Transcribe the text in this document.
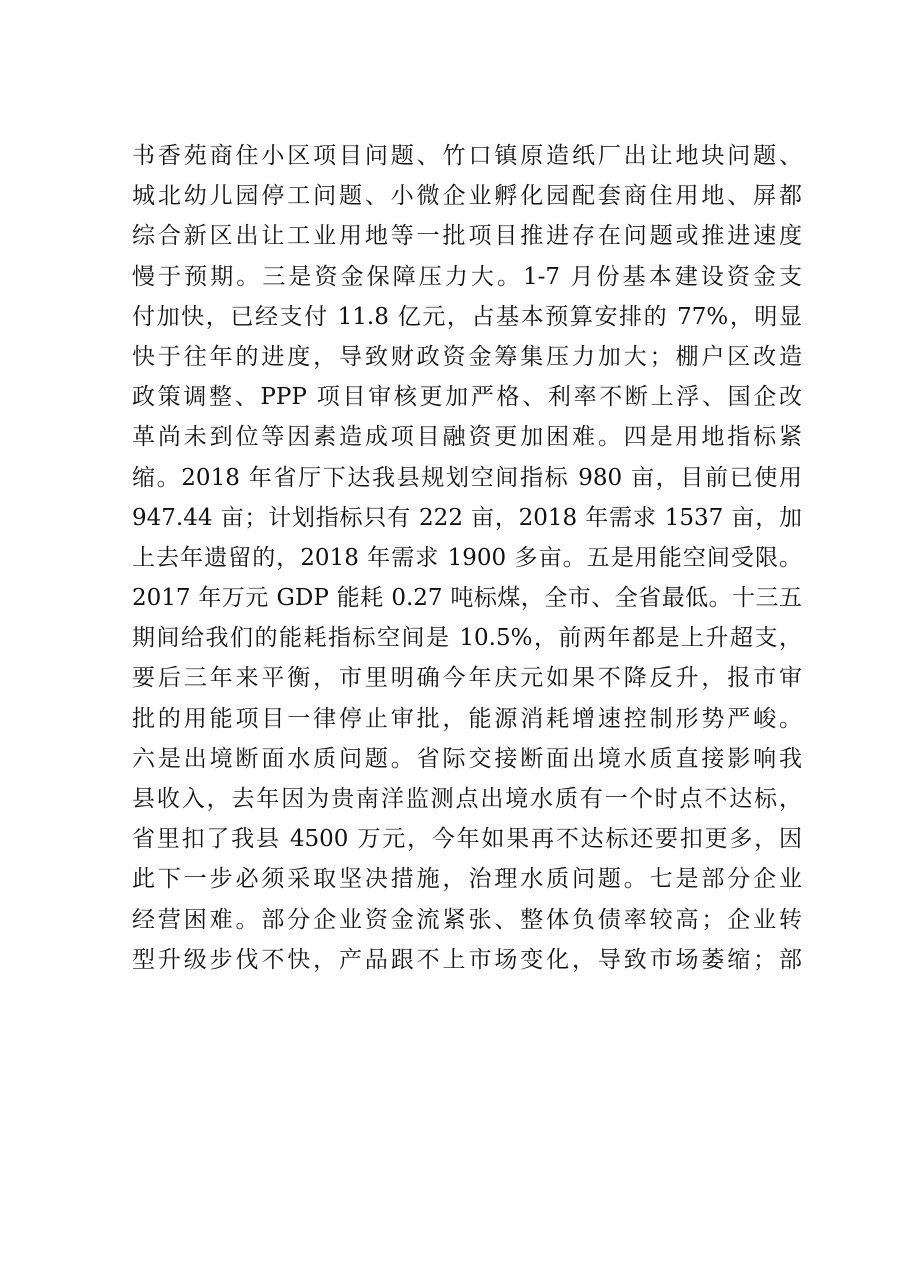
书香苑商住小区项目问题、竹口镇原造纸厂出让地块问题、
城北幼儿园停工问题、小微企业孵化园配套商住用地、屏都
综合新区出让工业用地等一批项目推进存在问题或推进速度
慢于预期。三是资金保障压力大。1-7 月份基本建设资金支
付加快，已经支付 11.8 亿元，占基本预算安排的 77%，明显
快于往年的进度，导致财政资金筹集压力加大；棚户区改造
政策调整、PPP 项目审核更加严格、利率不断上浮、国企改
革尚未到位等因素造成项目融资更加困难。四是用地指标紧
缩。2018 年省厅下达我县规划空间指标 980 亩，目前已使用
947.44 亩；计划指标只有 222 亩，2018 年需求 1537 亩，加
上去年遗留的，2018 年需求 1900 多亩。五是用能空间受限。
2017 年万元 GDP 能耗 0.27 吨标煤，全市、全省最低。十三五
期间给我们的能耗指标空间是 10.5%，前两年都是上升超支，
要后三年来平衡，市里明确今年庆元如果不降反升，报市审
批的用能项目一律停止审批，能源消耗增速控制形势严峻。
六是出境断面水质问题。省际交接断面出境水质直接影响我
县收入，去年因为贵南洋监测点出境水质有一个时点不达标，
省里扣了我县 4500 万元，今年如果再不达标还要扣更多，因
此下一步必须采取坚决措施，治理水质问题。七是部分企业
经营困难。部分企业资金流紧张、整体负债率较高；企业转
型升级步伐不快，产品跟不上市场变化，导致市场萎缩；部
